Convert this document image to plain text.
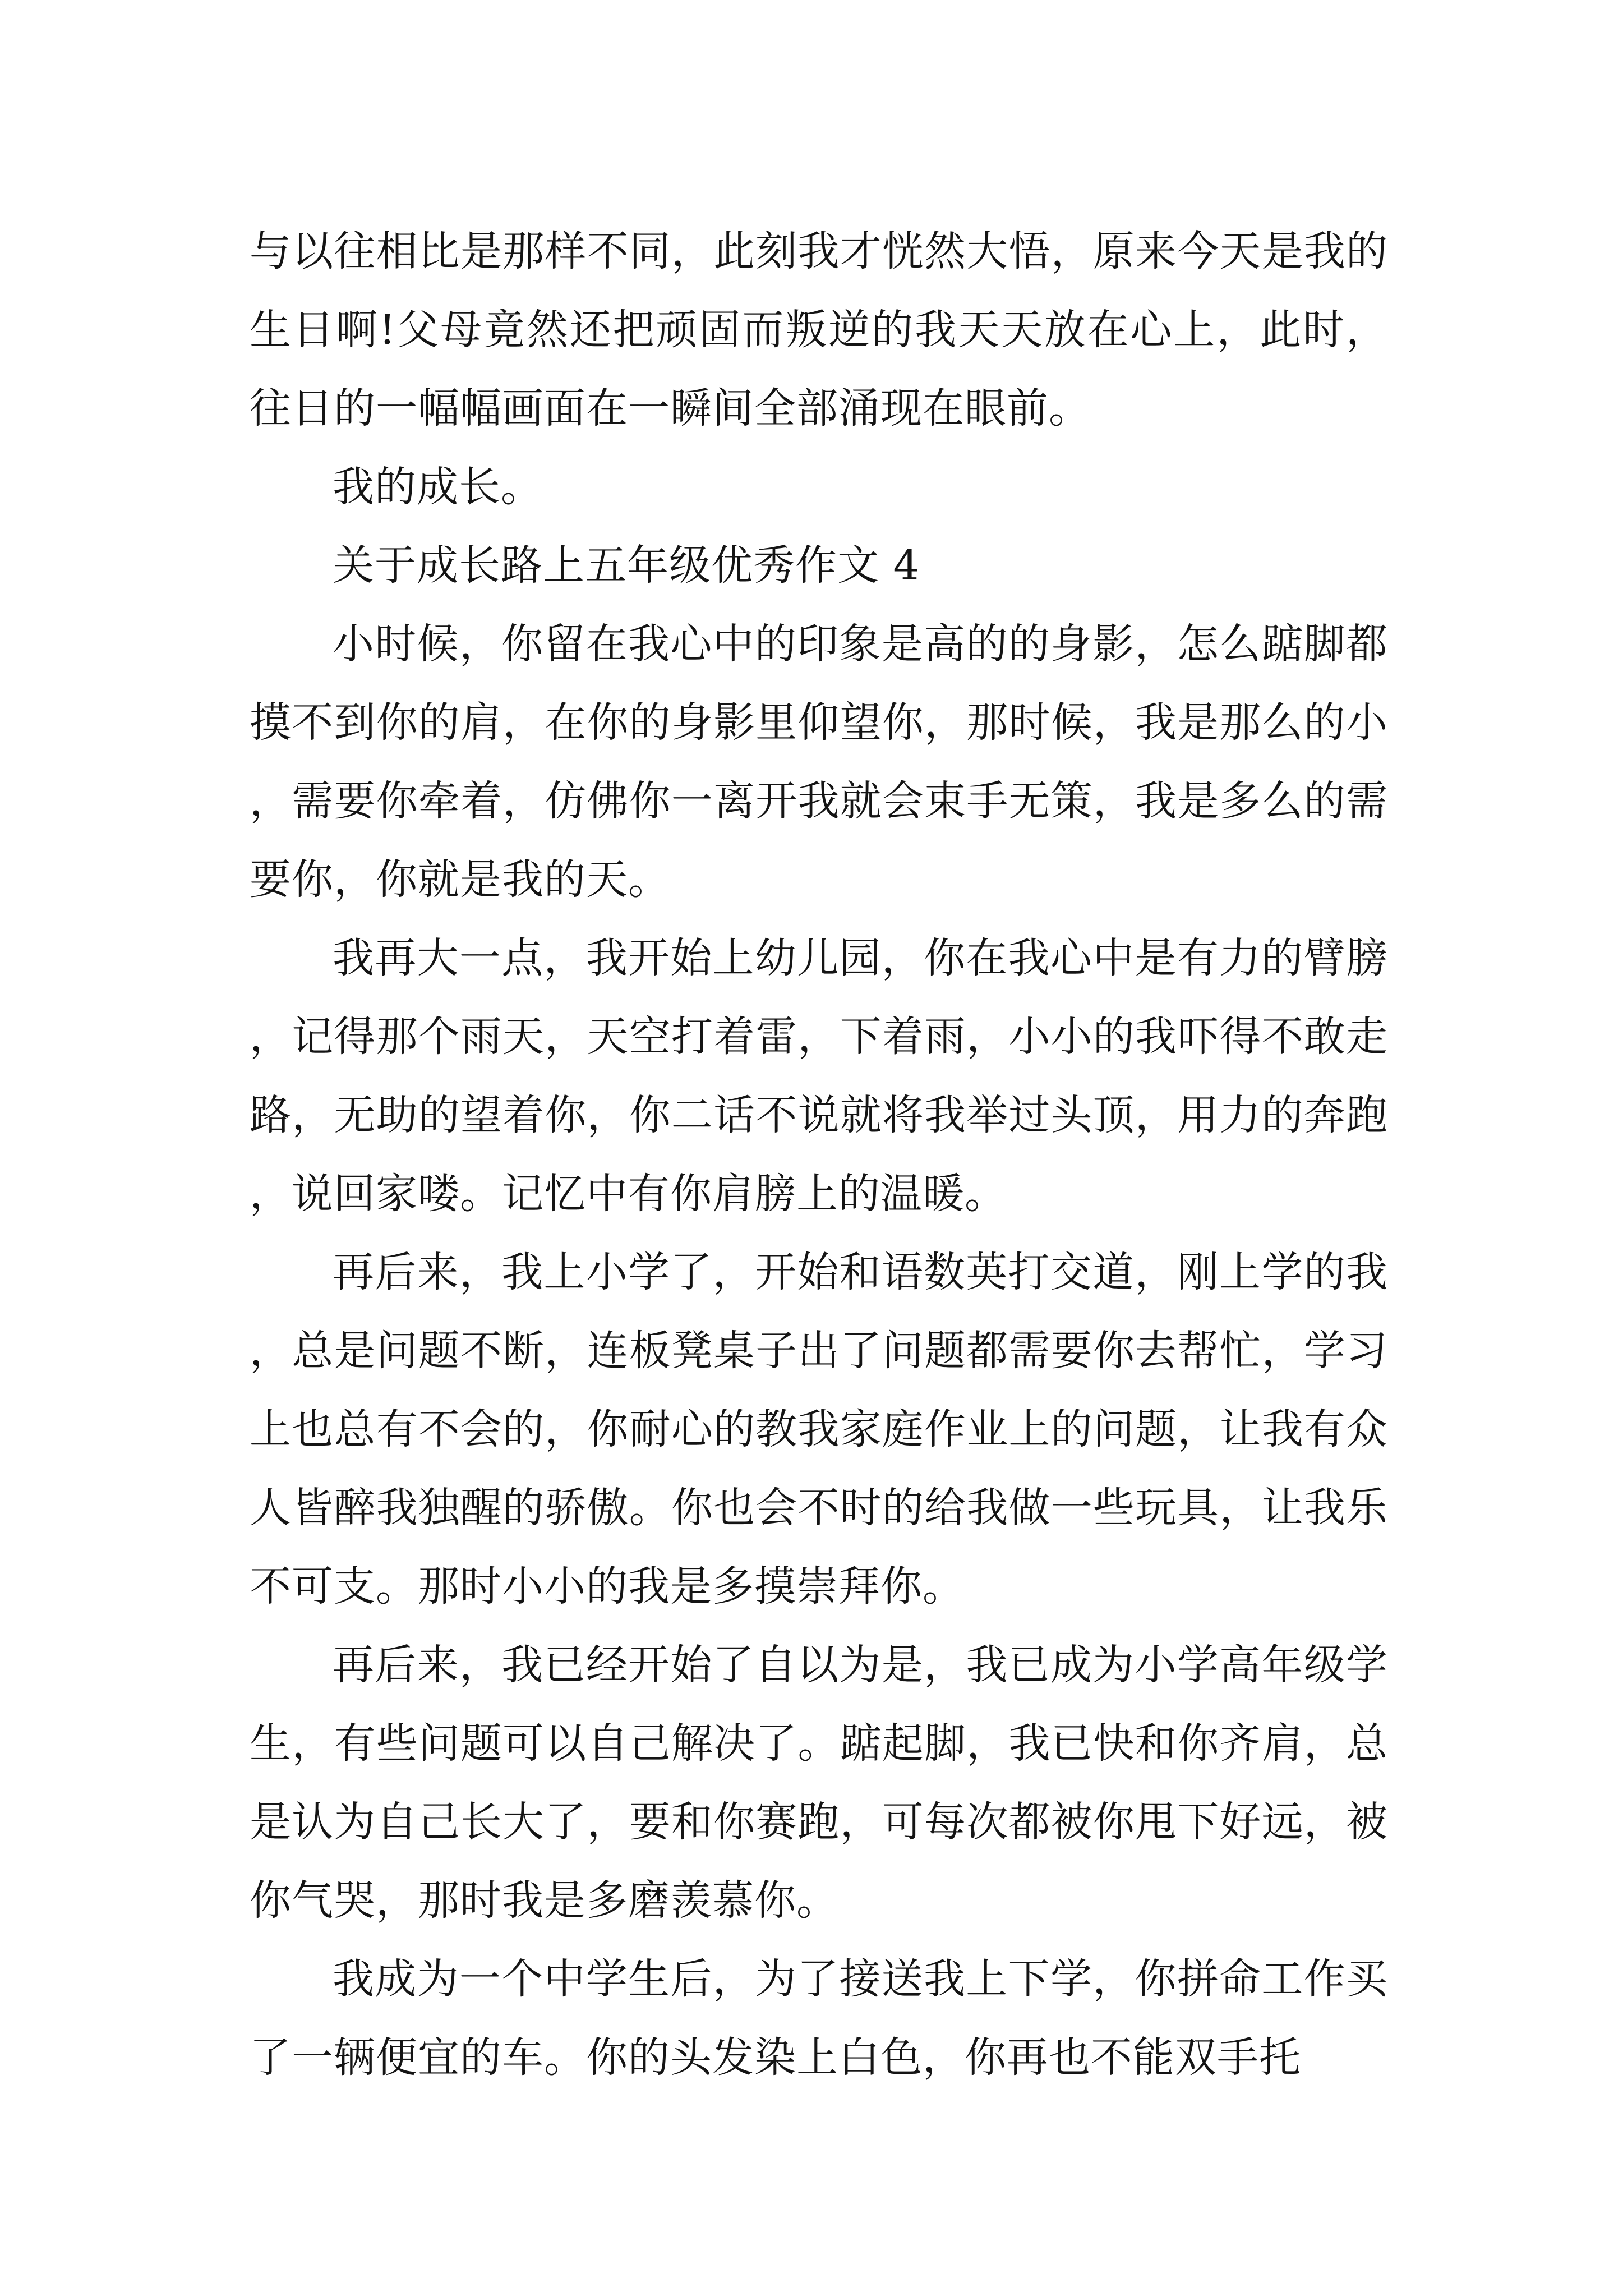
与以往相比是那样不同，此刻我才恍然大悟，原来今天是我的生日啊!父母竟然还把顽固而叛逆的我天天放在心上，此时，往日的一幅幅画面在一瞬间全部涌现在眼前。

我的成长。

关于成长路上五年级优秀作文 4

小时候，你留在我心中的印象是高的的身影，怎么踮脚都摸不到你的肩，在你的身影里仰望你，那时候，我是那么的小，需要你牵着，仿佛你一离开我就会束手无策，我是多么的需要你，你就是我的天。

我再大一点，我开始上幼儿园，你在我心中是有力的臂膀，记得那个雨天，天空打着雷，下着雨，小小的我吓得不敢走路，无助的望着你，你二话不说就将我举过头顶，用力的奔跑，说回家喽。记忆中有你肩膀上的温暖。

再后来，我上小学了，开始和语数英打交道，刚上学的我，总是问题不断，连板凳桌子出了问题都需要你去帮忙，学习上也总有不会的，你耐心的教我家庭作业上的问题，让我有众人皆醉我独醒的骄傲。你也会不时的给我做一些玩具，让我乐不可支。那时小小的我是多摸崇拜你。

再后来，我已经开始了自以为是，我已成为小学高年级学生，有些问题可以自己解决了。踮起脚，我已快和你齐肩，总是认为自己长大了，要和你赛跑，可每次都被你甩下好远，被你气哭，那时我是多磨羡慕你。

我成为一个中学生后，为了接送我上下学，你拼命工作买了一辆便宜的车。你的头发染上白色，你再也不能双手托
